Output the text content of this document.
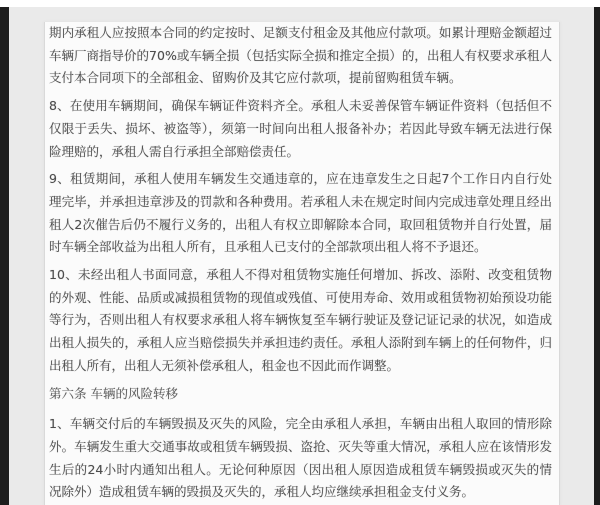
期内承租人应按照本合同的约定按时、足额支付租金及其他应付款项。如累计理赔金额超过车辆厂商指导价的70%或车辆全损（包括实际全损和推定全损）的，出租人有权要求承租人支付本合同项下的全部租金、留购价及其它应付款项，提前留购租赁车辆。

8、在使用车辆期间，确保车辆证件资料齐全。承租人未妥善保管车辆证件资料（包括但不仅限于丢失、损坏、被盗等），须第一时间向出租人报备补办；若因此导致车辆无法进行保险理赔的，承租人需自行承担全部赔偿责任。

9、租赁期间，承租人使用车辆发生交通违章的，应在违章发生之日起7个工作日内自行处理完毕，并承担违章涉及的罚款和各种费用。若承租人未在规定时间内完成违章处理且经出租人2次催告后仍不履行义务的，出租人有权立即解除本合同，取回租赁物并自行处置，届时车辆全部收益为出租人所有，且承租人已支付的全部款项出租人将不予退还。

10、未经出租人书面同意，承租人不得对租赁物实施任何增加、拆改、添附、改变租赁物的外观、性能、品质或减损租赁物的现值或残值、可使用寿命、效用或租赁物初始预设功能等行为，否则出租人有权要求承租人将车辆恢复至车辆行驶证及登记证记录的状况，如造成出租人损失的，承租人应当赔偿损失并承担违约责任。承租人添附到车辆上的任何物件，归出租人所有，出租人无须补偿承租人，租金也不因此而作调整。

第六条 车辆的风险转移

1、车辆交付后的车辆毁损及灭失的风险，完全由承租人承担，车辆由出租人取回的情形除外。车辆发生重大交通事故或租赁车辆毁损、盗抢、灭失等重大情况，承租人应在该情形发生后的24小时内通知出租人。无论何种原因（因出租人原因造成租赁车辆毁损或灭失的情况除外）造成租赁车辆的毁损及灭失的，承租人均应继续承担租金支付义务。
